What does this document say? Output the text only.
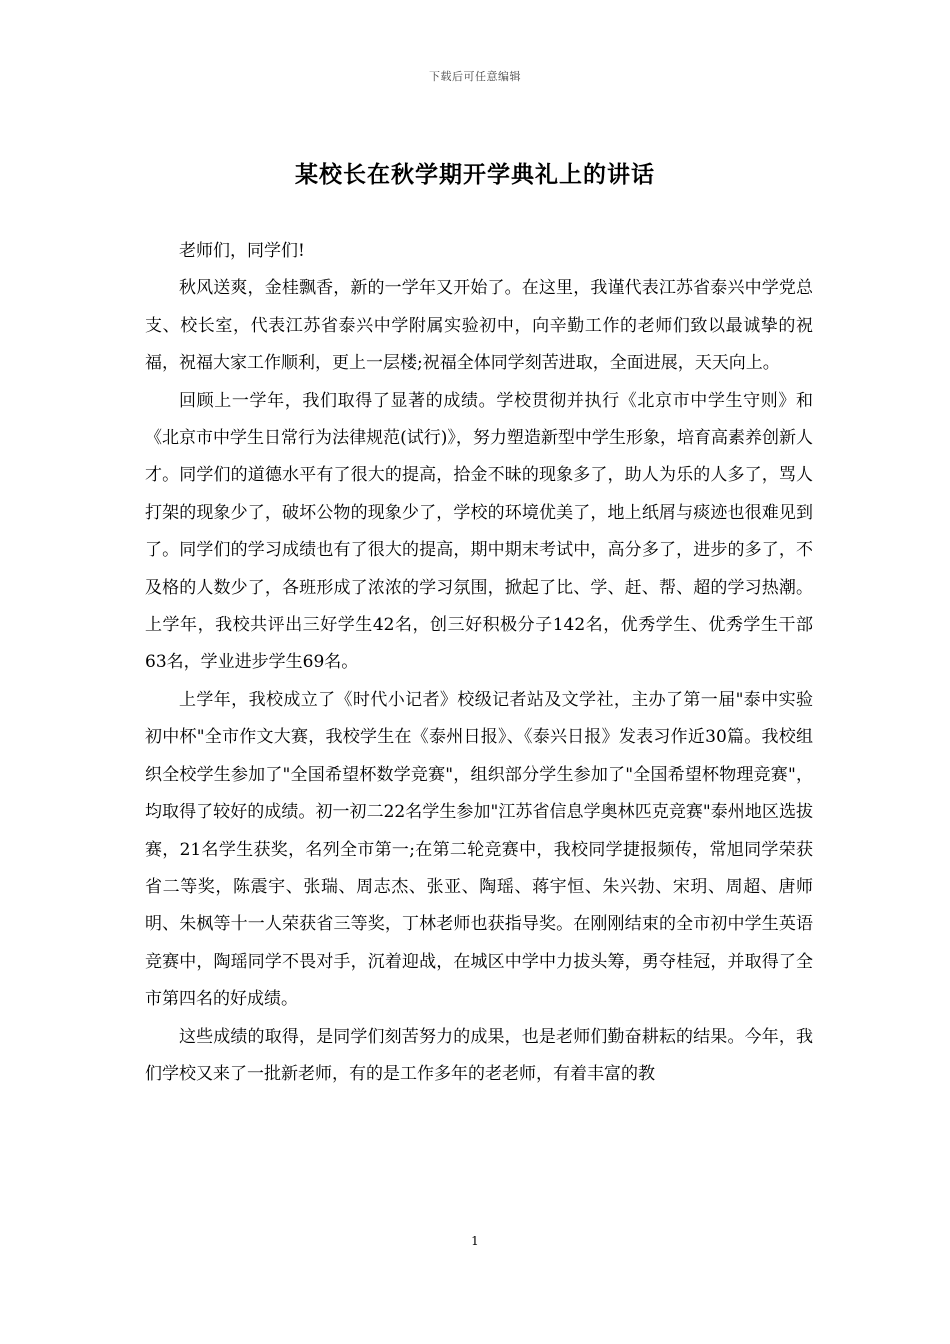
下载后可任意编辑
某校长在秋学期开学典礼上的讲话

老师们，同学们!

秋风送爽，金桂飘香，新的一学年又开始了。在这里，我谨代表江苏省泰兴中学党总支、校长室，代表江苏省泰兴中学附属实验初中，向辛勤工作的老师们致以最诚挚的祝福，祝福大家工作顺利，更上一层楼;祝福全体同学刻苦进取，全面进展，天天向上。

回顾上一学年，我们取得了显著的成绩。学校贯彻并执行《北京市中学生守则》和《北京市中学生日常行为法律规范(试行)》，努力塑造新型中学生形象，培育高素养创新人才。同学们的道德水平有了很大的提高，拾金不昧的现象多了，助人为乐的人多了，骂人打架的现象少了，破坏公物的现象少了，学校的环境优美了，地上纸屑与痰迹也很难见到了。同学们的学习成绩也有了很大的提高，期中期末考试中，高分多了，进步的多了，不及格的人数少了，各班形成了浓浓的学习氛围，掀起了比、学、赶、帮、超的学习热潮。上学年，我校共评出三好学生42名，创三好积极分子142名，优秀学生、优秀学生干部63名，学业进步学生69名。

上学年，我校成立了《时代小记者》校级记者站及文学社，主办了第一届"泰中实验初中杯"全市作文大赛，我校学生在《泰州日报》、《泰兴日报》发表习作近30篇。我校组织全校学生参加了"全国希望杯数学竞赛"，组织部分学生参加了"全国希望杯物理竞赛"，均取得了较好的成绩。初一初二22名学生参加"江苏省信息学奥林匹克竞赛"泰州地区选拔赛，21名学生获奖，名列全市第一;在第二轮竞赛中，我校同学捷报频传，常旭同学荣获省二等奖，陈震宇、张瑞、周志杰、张亚、陶瑶、蒋宇恒、朱兴勃、宋玥、周超、唐师明、朱枫等十一人荣获省三等奖，丁林老师也获指导奖。在刚刚结束的全市初中学生英语竞赛中，陶瑶同学不畏对手，沉着迎战，在城区中学中力拔头筹，勇夺桂冠，并取得了全市第四名的好成绩。

这些成绩的取得，是同学们刻苦努力的成果，也是老师们勤奋耕耘的结果。今年，我们学校又来了一批新老师，有的是工作多年的老老师，有着丰富的教

1
